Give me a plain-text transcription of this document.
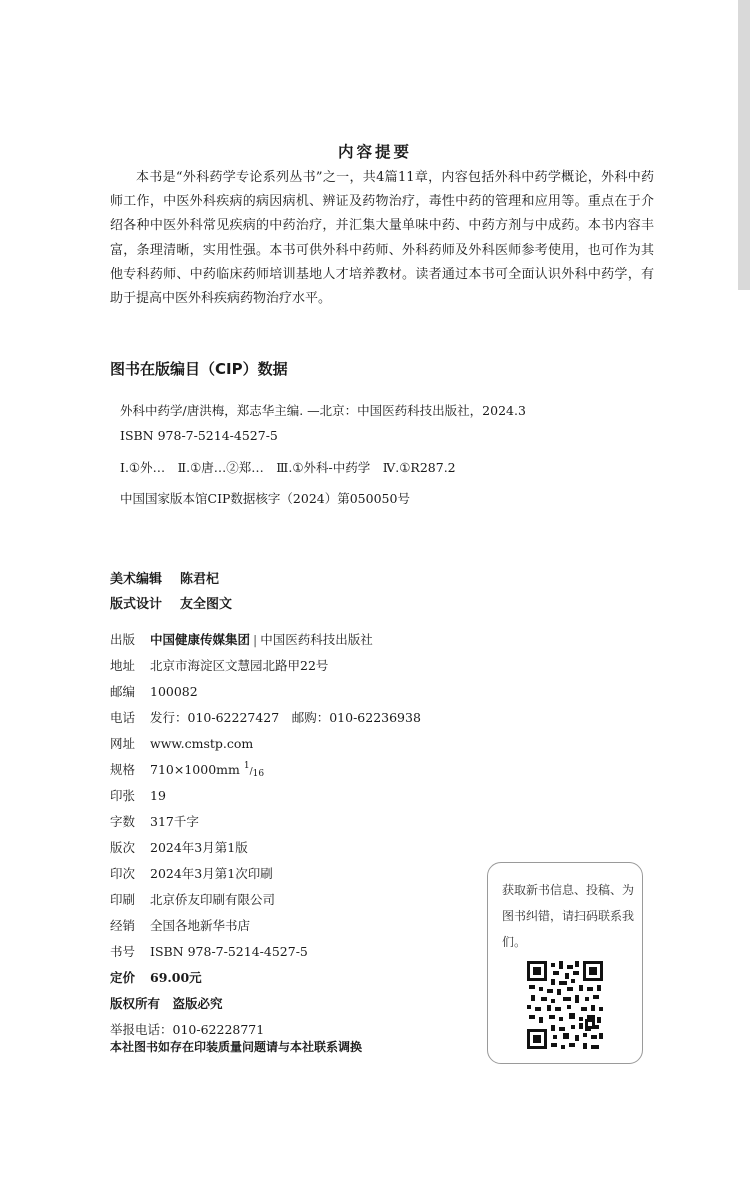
内容提要
本书是“外科药学专论系列丛书”之一，共4篇11章，内容包括外科中药学概论，外科中药师工作，中医外科疾病的病因病机、辨证及药物治疗，毒性中药的管理和应用等。重点在于介绍各种中医外科常见疾病的中药治疗，并汇集大量单味中药、中药方剂与中成药。本书内容丰富，条理清晰，实用性强。本书可供外科中药师、外科药师及外科医师参考使用，也可作为其他专科药师、中药临床药师培训基地人才培养教材。读者通过本书可全面认识外科中药学，有助于提高中医外科疾病药物治疗水平。
图书在版编目（CIP）数据
外科中药学/唐洪梅，郑志华主编. —北京：中国医药科技出版社，2024.3
ISBN 978-7-5214-4527-5
Ⅰ.①外…　Ⅱ.①唐…②郑…　Ⅲ.①外科-中药学　Ⅳ.①R287.2
中国国家版本馆CIP数据核字（2024）第050050号
美术编辑 陈君杞
版式设计 友全图文
出版 中国健康传媒集团 | 中国医药科技出版社
地址 北京市海淀区文慧园北路甲22号
邮编 100082
电话 发行：010-62227427　邮购：010-62236938
网址 www.cmstp.com
规格 710×1000mm 1/16
印张 19
字数 317千字
版次 2024年3月第1版
印次 2024年3月第1次印刷
印刷 北京侨友印刷有限公司
经销 全国各地新华书店
书号 ISBN 978-7-5214-4527-5
定价 69.00元
版权所有　盗版必究
举报电话：010-62228771
本社图书如存在印装质量问题请与本社联系调换
获取新书信息、投稿、为图书纠错，请扫码联系我们。
